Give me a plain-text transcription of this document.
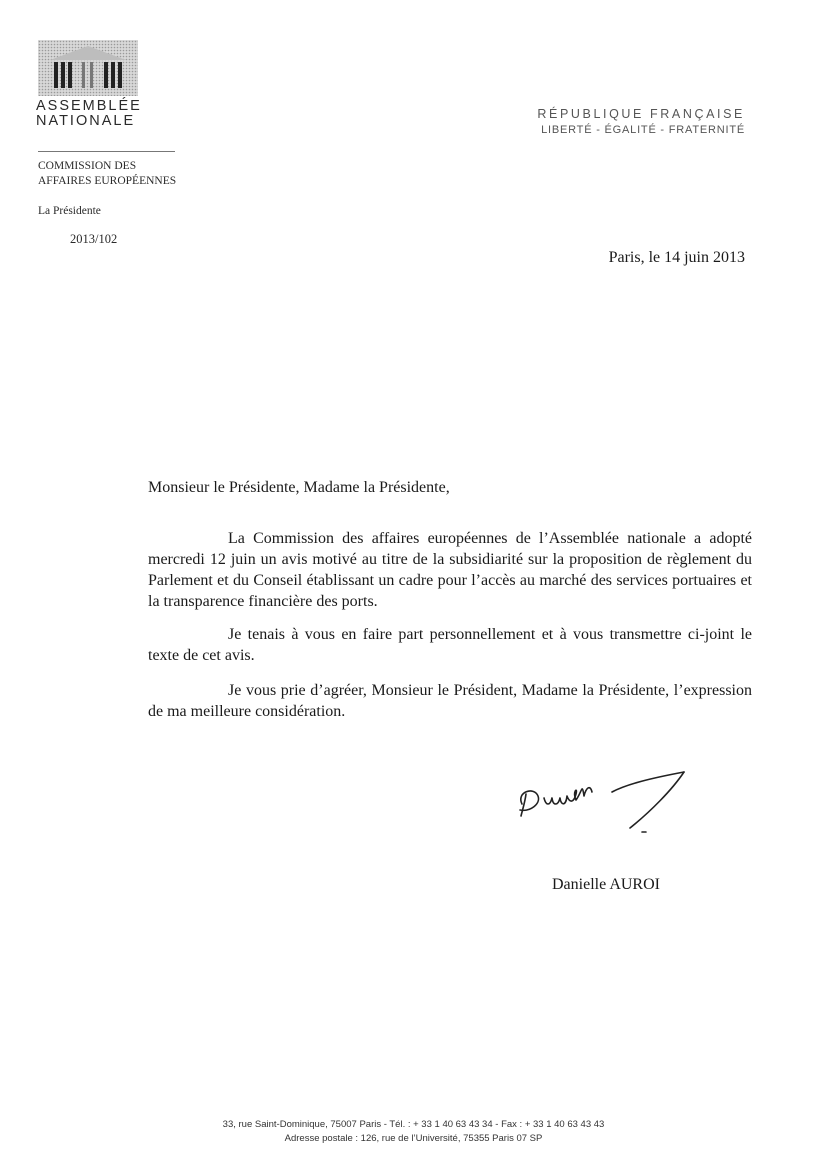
ASSEMBLÉE
NATIONALE	RÉPUBLIQUE FRANÇAISE
LIBERTÉ - ÉGALITÉ - FRATERNITÉ
COMMISSION DES
AFFAIRES EUROPÉENNES
La Présidente
2013/102
Paris, le 14 juin 2013
Monsieur le Présidente, Madame la Présidente,
La Commission des affaires européennes de l’Assemblée nationale a adopté mercredi 12 juin un avis motivé au titre de la subsidiarité sur la proposition de règlement du Parlement et du Conseil établissant un cadre pour l’accès au marché des services portuaires et la transparence financière des ports.
Je tenais à vous en faire part personnellement et à vous transmettre ci-joint le texte de cet avis.
Je vous prie d’agréer, Monsieur le Président, Madame la Présidente, l’expression de ma meilleure considération.
Danielle AUROI
33, rue Saint-Dominique, 75007 Paris - Tél. : + 33 1 40 63 43 34 - Fax : + 33 1 40 63 43 43
Adresse postale : 126, rue de l’Université, 75355 Paris 07 SP
